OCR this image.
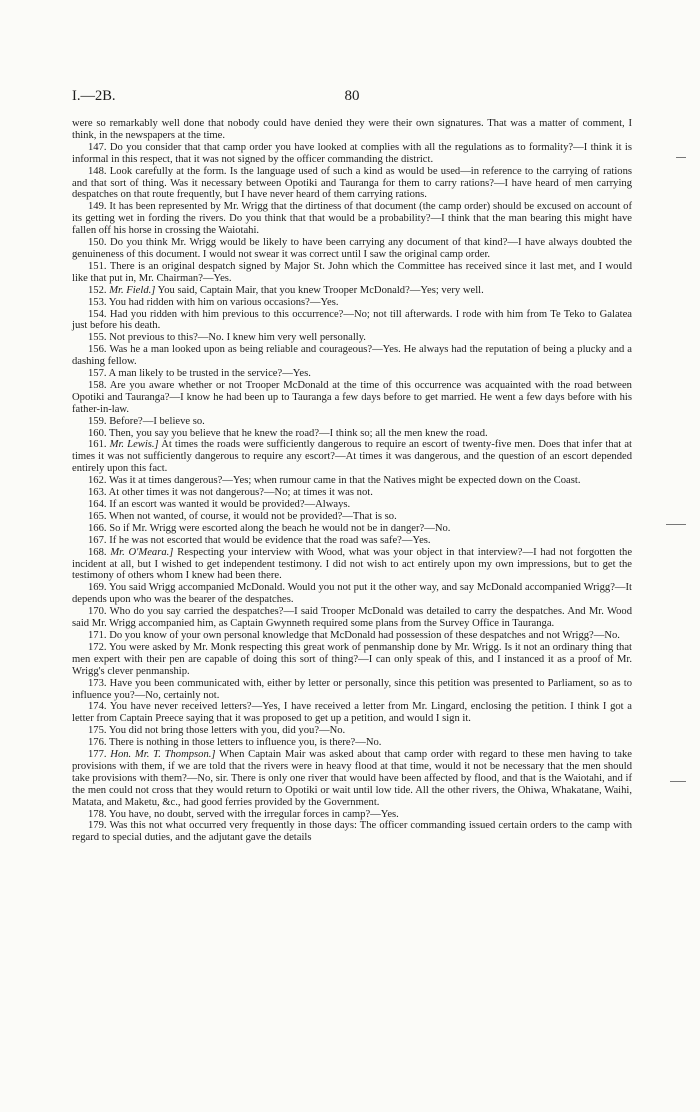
I.—2B.	80

were so remarkably well done that nobody could have denied they were their own signatures. That was a matter of comment, I think, in the newspapers at the time.

147. Do you consider that that camp order you have looked at complies with all the regulations as to formality?—I think it is informal in this respect, that it was not signed by the officer commanding the district.

148. Look carefully at the form. Is the language used of such a kind as would be used—in reference to the carrying of rations and that sort of thing. Was it necessary between Opotiki and Tauranga for them to carry rations?—I have heard of men carrying despatches on that route frequently, but I have never heard of them carrying rations.

149. It has been represented by Mr. Wrigg that the dirtiness of that document (the camp order) should be excused on account of its getting wet in fording the rivers. Do you think that that would be a probability?—I think that the man bearing this might have fallen off his horse in crossing the Waiotahi.

150. Do you think Mr. Wrigg would be likely to have been carrying any document of that kind?—I have always doubted the genuineness of this document. I would not swear it was correct until I saw the original camp order.

151. There is an original despatch signed by Major St. John which the Committee has received since it last met, and I would like that put in, Mr. Chairman?—Yes.

152. Mr. Field.] You said, Captain Mair, that you knew Trooper McDonald?—Yes; very well.

153. You had ridden with him on various occasions?—Yes.

154. Had you ridden with him previous to this occurrence?—No; not till afterwards. I rode with him from Te Teko to Galatea just before his death.

155. Not previous to this?—No. I knew him very well personally.

156. Was he a man looked upon as being reliable and courageous?—Yes. He always had the reputation of being a plucky and a dashing fellow.

157. A man likely to be trusted in the service?—Yes.

158. Are you aware whether or not Trooper McDonald at the time of this occurrence was acquainted with the road between Opotiki and Tauranga?—I know he had been up to Tauranga a few days before to get married. He went a few days before with his father-in-law.

159. Before?—I believe so.

160. Then, you say you believe that he knew the road?—I think so; all the men knew the road.

161. Mr. Lewis.] At times the roads were sufficiently dangerous to require an escort of twenty-five men. Does that infer that at times it was not sufficiently dangerous to require any escort?—At times it was dangerous, and the question of an escort depended entirely upon this fact.

162. Was it at times dangerous?—Yes; when rumour came in that the Natives might be expected down on the Coast.

163. At other times it was not dangerous?—No; at times it was not.

164. If an escort was wanted it would be provided?—Always.

165. When not wanted, of course, it would not be provided?—That is so.

166. So if Mr. Wrigg were escorted along the beach he would not be in danger?—No.

167. If he was not escorted that would be evidence that the road was safe?—Yes.

168. Mr. O'Meara.] Respecting your interview with Wood, what was your object in that interview?—I had not forgotten the incident at all, but I wished to get independent testimony. I did not wish to act entirely upon my own impressions, but to get the testimony of others whom I knew had been there.

169. You said Wrigg accompanied McDonald. Would you not put it the other way, and say McDonald accompanied Wrigg?—It depends upon who was the bearer of the despatches.

170. Who do you say carried the despatches?—I said Trooper McDonald was detailed to carry the despatches. And Mr. Wood said Mr. Wrigg accompanied him, as Captain Gwynneth required some plans from the Survey Office in Tauranga.

171. Do you know of your own personal knowledge that McDonald had possession of these despatches and not Wrigg?—No.

172. You were asked by Mr. Monk respecting this great work of penmanship done by Mr. Wrigg. Is it not an ordinary thing that men expert with their pen are capable of doing this sort of thing?—I can only speak of this, and I instanced it as a proof of Mr. Wrigg's clever penmanship.

173. Have you been communicated with, either by letter or personally, since this petition was presented to Parliament, so as to influence you?—No, certainly not.

174. You have never received letters?—Yes, I have received a letter from Mr. Lingard, enclosing the petition. I think I got a letter from Captain Preece saying that it was proposed to get up a petition, and would I sign it.

175. You did not bring those letters with you, did you?—No.

176. There is nothing in those letters to influence you, is there?—No.

177. Hon. Mr. T. Thompson.] When Captain Mair was asked about that camp order with regard to these men having to take provisions with them, if we are told that the rivers were in heavy flood at that time, would it not be necessary that the men should take provisions with them?—No, sir. There is only one river that would have been affected by flood, and that is the Waiotahi, and if the men could not cross that they would return to Opotiki or wait until low tide. All the other rivers, the Ohiwa, Whakatane, Waihi, Matata, and Maketu, &c., had good ferries provided by the Government.

178. You have, no doubt, served with the irregular forces in camp?—Yes.

179. Was this not what occurred very frequently in those days: The officer commanding issued certain orders to the camp with regard to special duties, and the adjutant gave the details
